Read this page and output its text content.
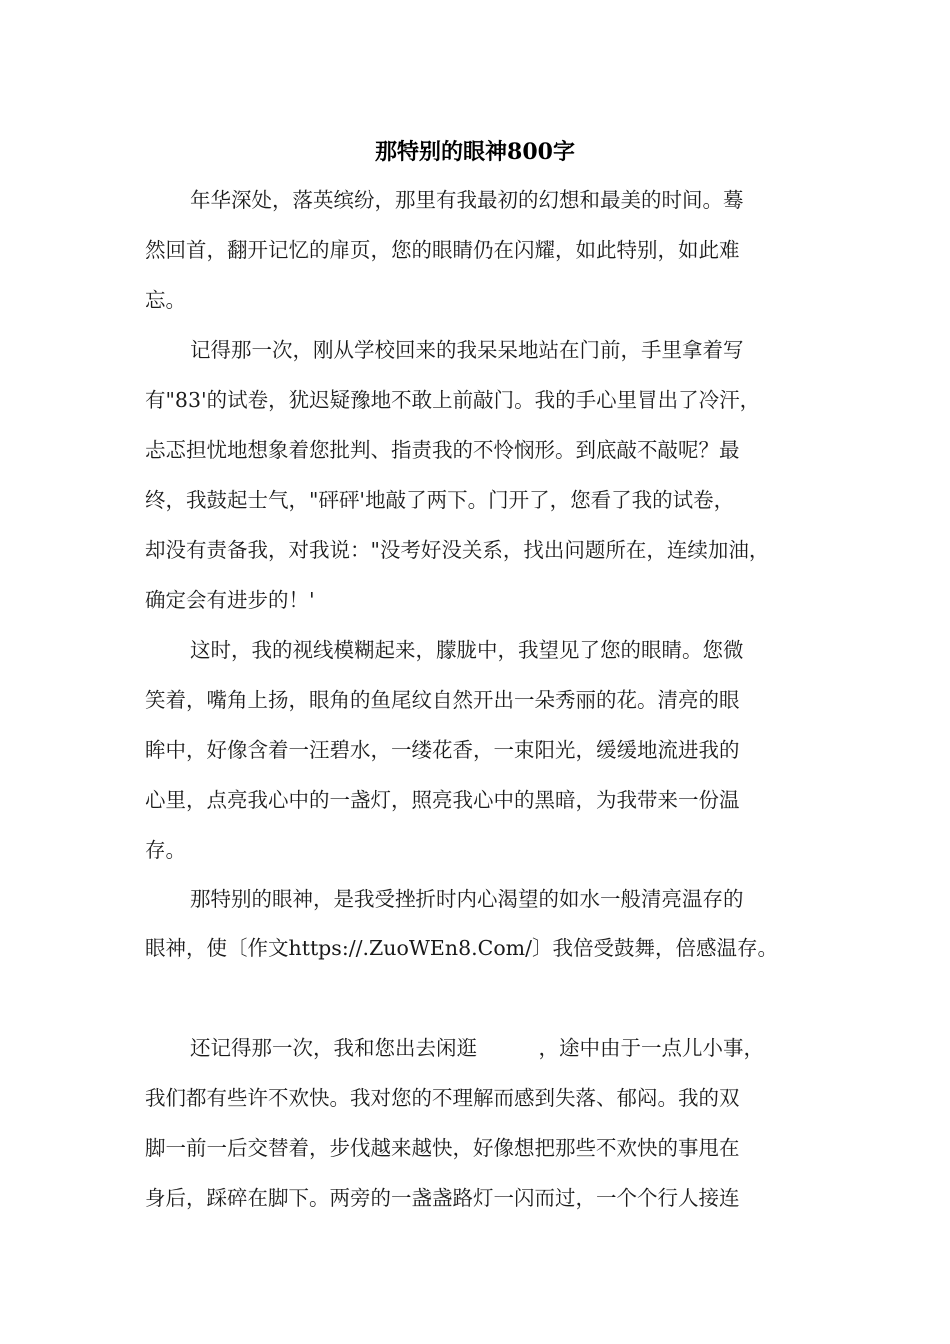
那特别的眼神800字

年华深处，落英缤纷，那里有我最初的幻想和最美的时间。蓦

然回首，翻开记忆的扉页，您的眼睛仍在闪耀，如此特别，如此难

忘。

记得那一次，刚从学校回来的我呆呆地站在门前，手里拿着写

有"83'的试卷，犹迟疑豫地不敢上前敲门。我的手心里冒出了冷汗，

忐忑担忧地想象着您批判、指责我的不怜悯形。到底敲不敲呢？最

终，我鼓起士气，"砰砰'地敲了两下。门开了，您看了我的试卷，

却没有责备我，对我说："没考好没关系，找出问题所在，连续加油，

确定会有进步的！'

这时，我的视线模糊起来，朦胧中，我望见了您的眼睛。您微

笑着，嘴角上扬，眼角的鱼尾纹自然开出一朵秀丽的花。清亮的眼

眸中，好像含着一汪碧水，一缕花香，一束阳光，缓缓地流进我的

心里，点亮我心中的一盏灯，照亮我心中的黑暗，为我带来一份温

存。

那特别的眼神，是我受挫折时内心渴望的如水一般清亮温存的

眼神，使〔作文https://.ZuoWEn8.Com/〕我倍受鼓舞，倍感温存。

还记得那一次，我和您出去闲逛　　　，途中由于一点儿小事，

我们都有些许不欢快。我对您的不理解而感到失落、郁闷。我的双

脚一前一后交替着，步伐越来越快，好像想把那些不欢快的事甩在

身后，踩碎在脚下。两旁的一盏盏路灯一闪而过，一个个行人接连
